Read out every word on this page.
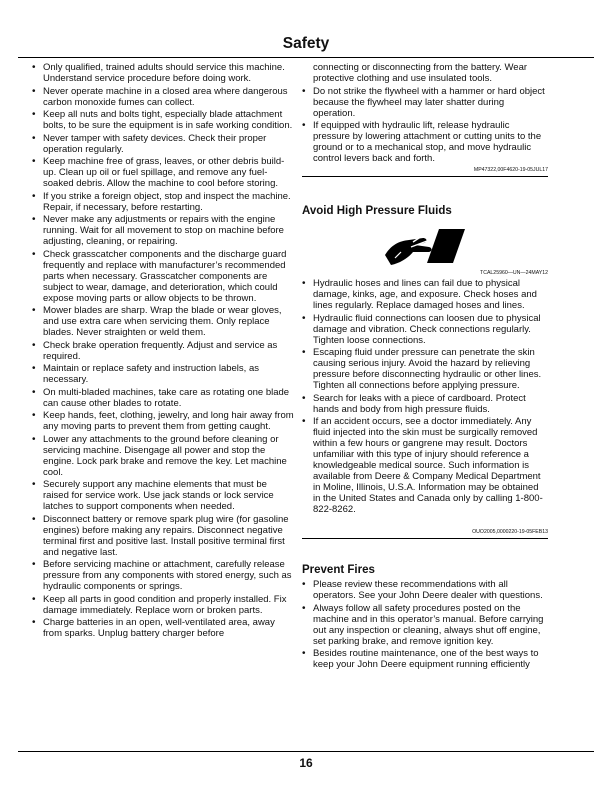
Safety
• Only qualified, trained adults should service this machine. Understand service procedure before doing work.
• Never operate machine in a closed area where dangerous carbon monoxide fumes can collect.
• Keep all nuts and bolts tight, especially blade attachment bolts, to be sure the equipment is in safe working condition.
• Never tamper with safety devices. Check their proper operation regularly.
• Keep machine free of grass, leaves, or other debris build-up. Clean up oil or fuel spillage, and remove any fuel-soaked debris. Allow the machine to cool before storing.
• If you strike a foreign object, stop and inspect the machine. Repair, if necessary, before restarting.
• Never make any adjustments or repairs with the engine running. Wait for all movement to stop on machine before adjusting, cleaning, or repairing.
• Check grasscatcher components and the discharge guard frequently and replace with manufacturer’s recommended parts when necessary. Grasscatcher components are subject to wear, damage, and deterioration, which could expose moving parts or allow objects to be thrown.
• Mower blades are sharp. Wrap the blade or wear gloves, and use extra care when servicing them. Only replace blades. Never straighten or weld them.
• Check brake operation frequently. Adjust and service as required.
• Maintain or replace safety and instruction labels, as necessary.
• On multi-bladed machines, take care as rotating one blade can cause other blades to rotate.
• Keep hands, feet, clothing, jewelry, and long hair away from any moving parts to prevent them from getting caught.
• Lower any attachments to the ground before cleaning or servicing machine. Disengage all power and stop the engine. Lock park brake and remove the key. Let machine cool.
• Securely support any machine elements that must be raised for service work. Use jack stands or lock service latches to support components when needed.
• Disconnect battery or remove spark plug wire (for gasoline engines) before making any repairs. Disconnect negative terminal first and positive last. Install positive terminal first and negative last.
• Before servicing machine or attachment, carefully release pressure from any components with stored energy, such as hydraulic components or springs.
• Keep all parts in good condition and properly installed. Fix damage immediately. Replace worn or broken parts.
• Charge batteries in an open, well-ventilated area, away from sparks. Unplug battery charger before
connecting or disconnecting from the battery. Wear protective clothing and use insulated tools.
• Do not strike the flywheel with a hammer or hard object because the flywheel may later shatter during operation.
• If equipped with hydraulic lift, release hydraulic pressure by lowering attachment or cutting units to the ground or to a mechanical stop, and move hydraulic control levers back and forth.
MP47322,00F4620-19-05JUL17
Avoid High Pressure Fluids
TCAL25960—UN—24MAY12
• Hydraulic hoses and lines can fail due to physical damage, kinks, age, and exposure. Check hoses and lines regularly. Replace damaged hoses and lines.
• Hydraulic fluid connections can loosen due to physical damage and vibration. Check connections regularly. Tighten loose connections.
• Escaping fluid under pressure can penetrate the skin causing serious injury. Avoid the hazard by relieving pressure before disconnecting hydraulic or other lines. Tighten all connections before applying pressure.
• Search for leaks with a piece of cardboard. Protect hands and body from high pressure fluids.
• If an accident occurs, see a doctor immediately. Any fluid injected into the skin must be surgically removed within a few hours or gangrene may result. Doctors unfamiliar with this type of injury should reference a knowledgeable medical source. Such information is available from Deere & Company Medical Department in Moline, Illinois, U.S.A. Information may be obtained in the United States and Canada only by calling 1-800-822-8262.
OUO2005,0000220-19-05FEB13
Prevent Fires
• Please review these recommendations with all operators. See your John Deere dealer with questions.
• Always follow all safety procedures posted on the machine and in this operator’s manual. Before carrying out any inspection or cleaning, always shut off engine, set parking brake, and remove ignition key.
• Besides routine maintenance, one of the best ways to keep your John Deere equipment running efficiently
16
